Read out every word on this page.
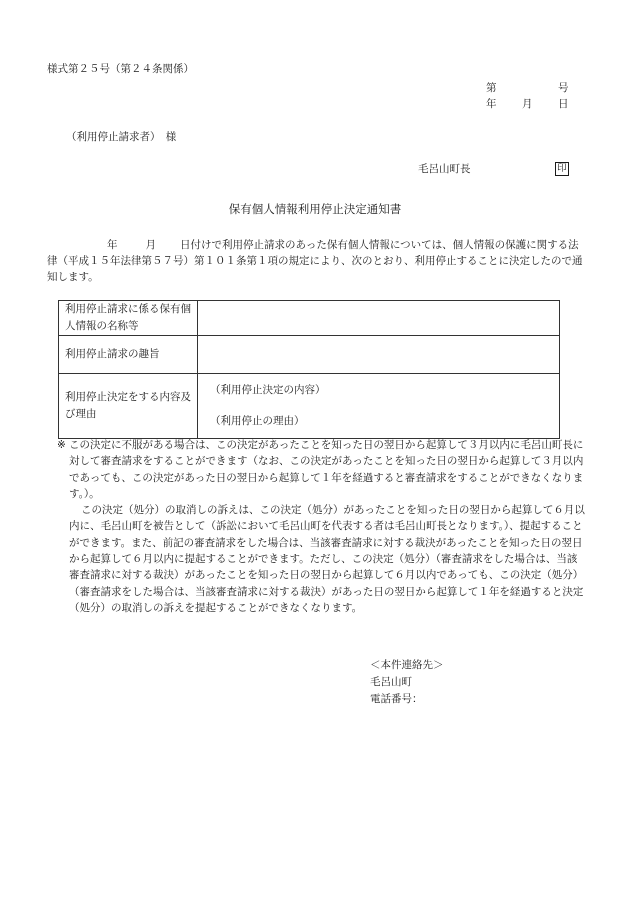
様式第２５号（第２４条関係）
第	号
年 月 日
（利用停止請求者）　様
毛呂山町長	印
保有個人情報利用停止決定通知書

年	月 日付けで利用停止請求のあった保有個人情報については、個人情報の保護に関する法律（平成１５年法律第５７号）第１０１条第１項の規定により、次のとおり、利用停止することに決定したので通知します。

利用停止請求に係る保有個人情報の名称等	
利用停止請求の趣旨	
利用停止決定をする内容及び理由	（利用停止決定の内容）
（利用停止の理由）
※ この決定に不服がある場合は、この決定があったことを知った日の翌日から起算して３月以内に毛呂山町長に対して審査請求をすることができます（なお、この決定があったことを知った日の翌日から起算して３月以内であっても、この決定があった日の翌日から起算して１年を経過すると審査請求をすることができなくなります。）。

この決定（処分）の取消しの訴えは、この決定（処分）があったことを知った日の翌日から起算して６月以内に、毛呂山町を被告として（訴訟において毛呂山町を代表する者は毛呂山町長となります。）、提起することができます。また、前記の審査請求をした場合は、当該審査請求に対する裁決があったことを知った日の翌日から起算して６月以内に提起することができます。ただし、この決定（処分）（審査請求をした場合は、当該審査請求に対する裁決）があったことを知った日の翌日から起算して６月以内であっても、この決定（処分）（審査請求をした場合は、当該審査請求に対する裁決）があった日の翌日から起算して１年を経過すると決定（処分）の取消しの訴えを提起することができなくなります。

＜本件連絡先＞
毛呂山町
電話番号：
